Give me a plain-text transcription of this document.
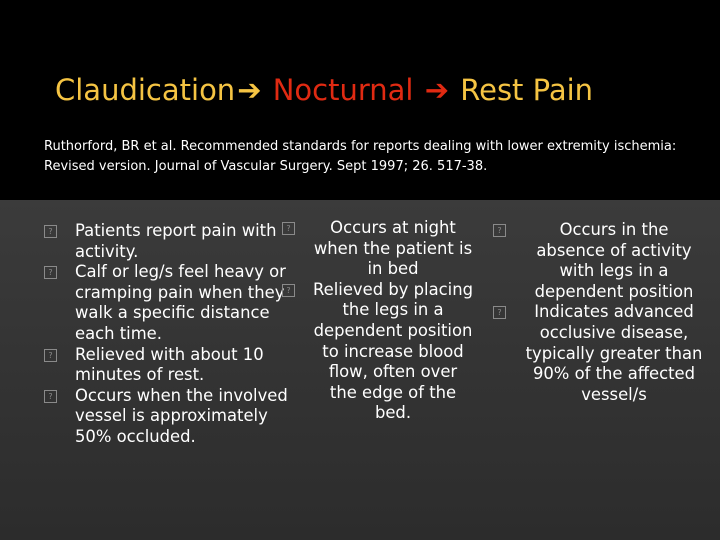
Claudication➔ Nocturnal ➔ Rest Pain
Ruthorford, BR et al. Recommended standards for reports dealing with lower extremity ischemia: Revised version. Journal of Vascular Surgery. Sept 1997; 26. 517-38.
? Patients report pain with activity.
? Calf or leg/s feel heavy or cramping pain when they walk a specific distance each time.
? Relieved with about 10 minutes of rest.
? Occurs when the involved vessel is approximately 50% occluded.
?	Occurs at night when the patient is in bed
? Relieved by placing the legs in a dependent position to increase blood flow, often over the edge of the bed.
?	Occurs in the absence of activity with legs in a dependent position
?	Indicates advanced occlusive disease, typically greater than 90% of the affected vessel/s
